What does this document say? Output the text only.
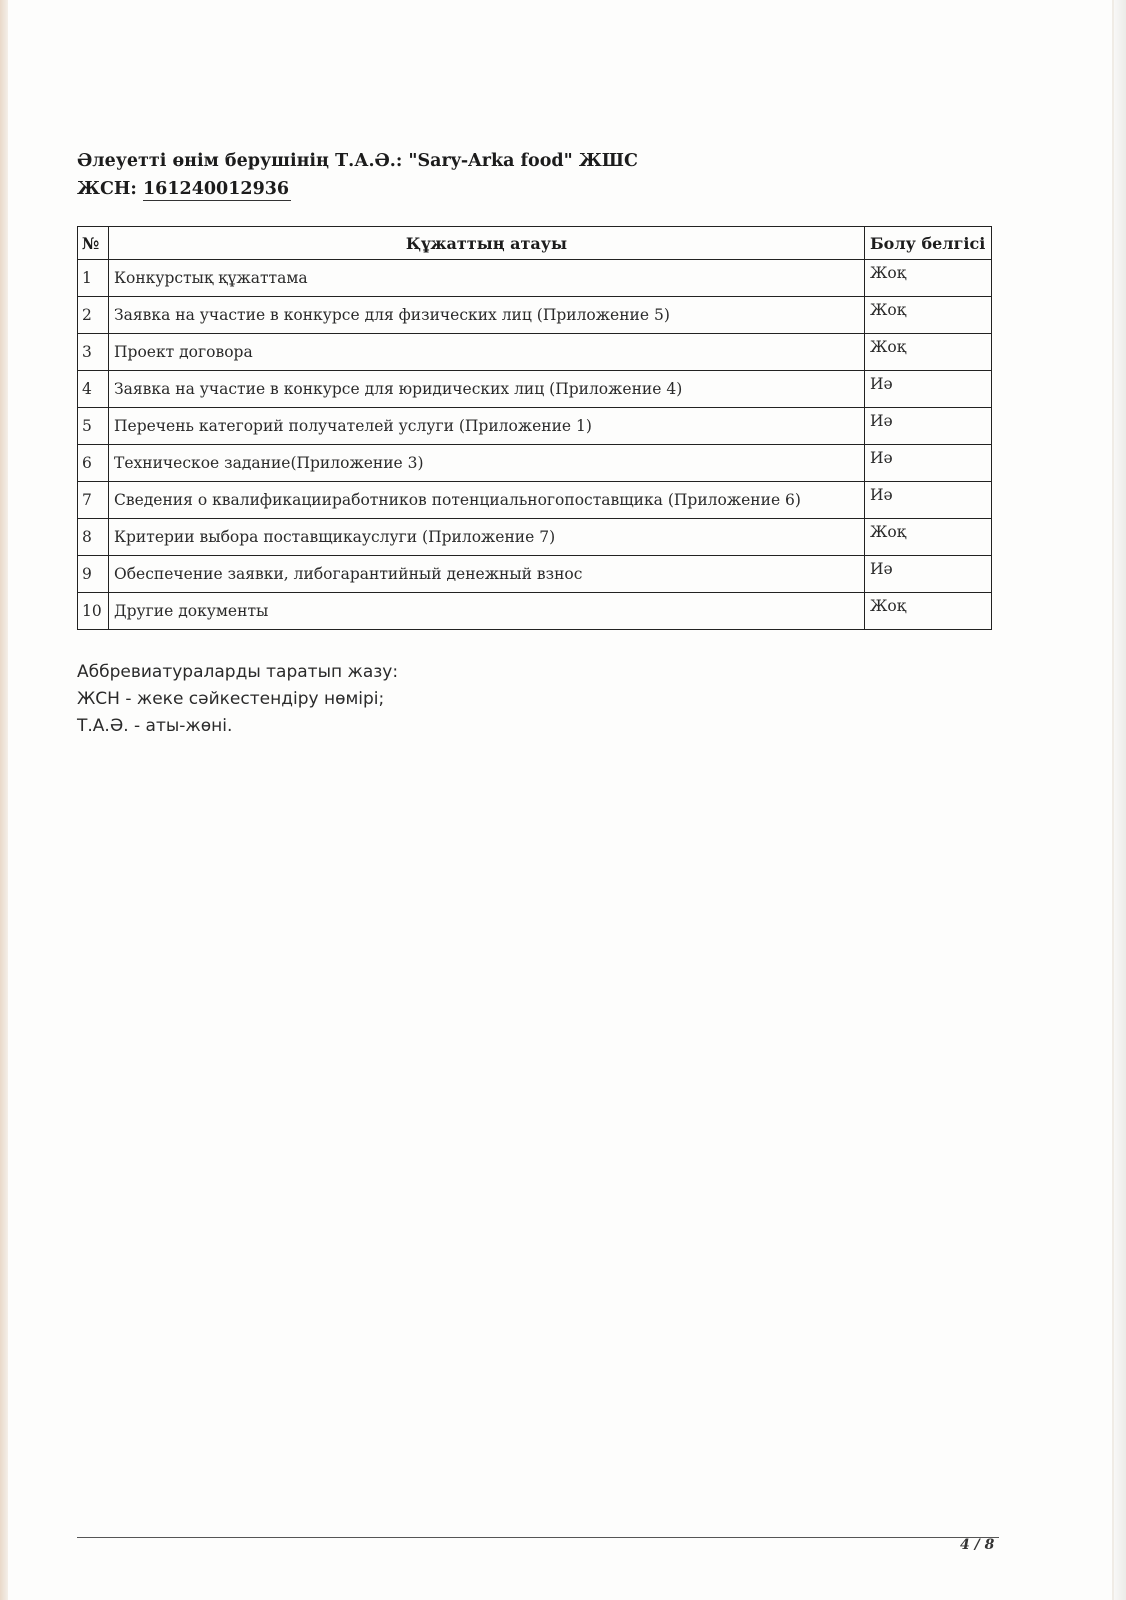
Әлеуетті өнім берушінің Т.А.Ә.: "Sary-Arka food" ЖШС
ЖСН: 161240012936
№	Құжаттың атауы	Болу белгісі
1	Конкурстық құжаттама	Жоқ
2	Заявка на участие в конкурсе для физических лиц (Приложение 5)	Жоқ
3	Проект договора	Жоқ
4	Заявка на участие в конкурсе для юридических лиц (Приложение 4)	Иә
5	Перечень категорий получателей услуги (Приложение 1)	Иә
6	Техническое задание(Приложение 3)	Иә
7	Сведения о квалификацииработников потенциальногопоставщика (Приложение 6)	Иә
8	Критерии выбора поставщикауслуги (Приложение 7)	Жоқ
9	Обеспечение заявки, либогарантийный денежный взнос	Иә
10	Другие документы	Жоқ
Аббревиатураларды таратып жазу:
ЖСН - жеке сәйкестендіру нөмірі;
Т.А.Ә. - аты-жөні.
4 / 8
